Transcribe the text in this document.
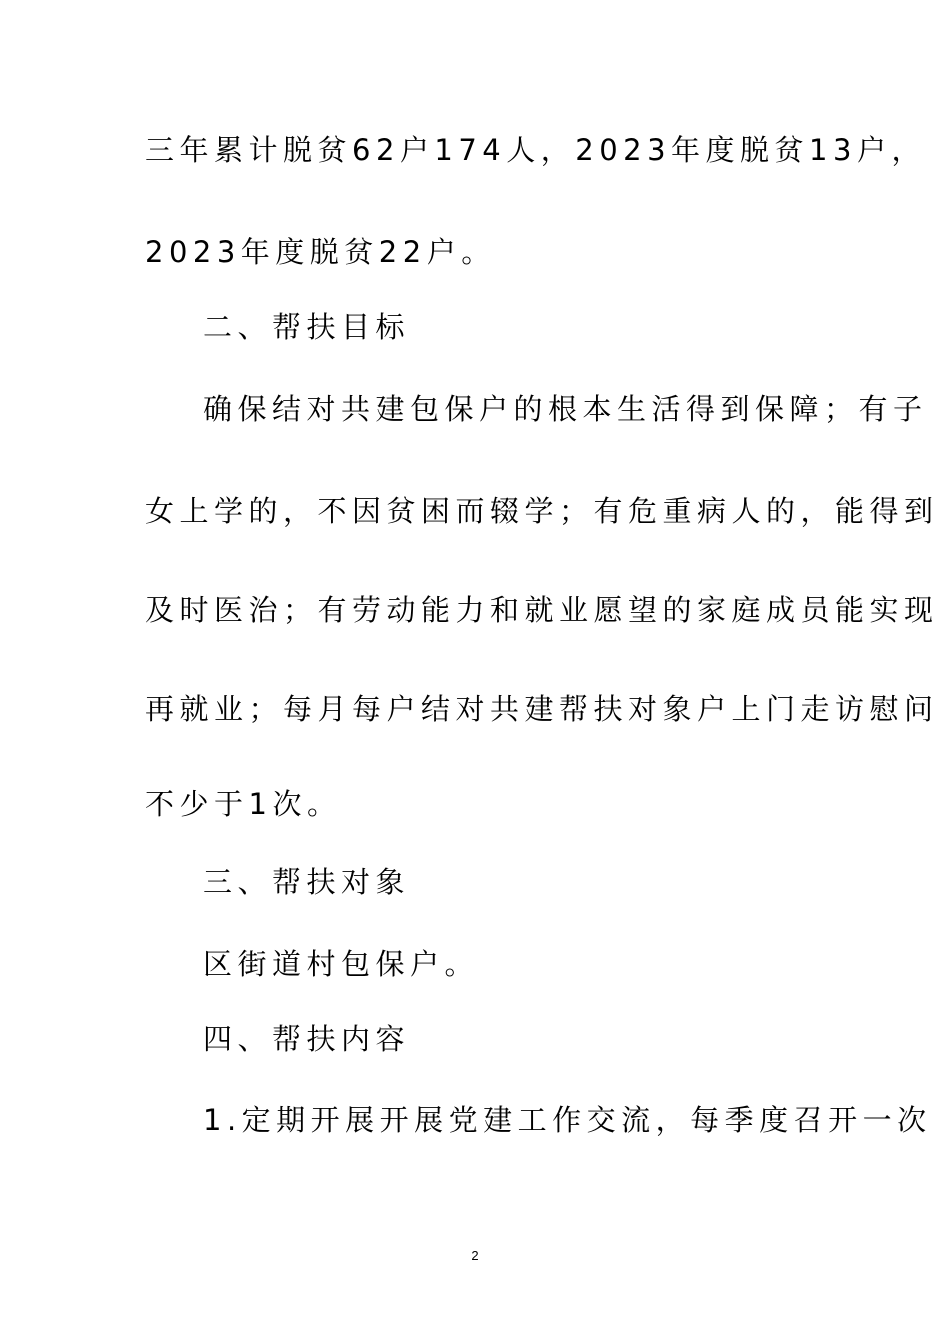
三年累计脱贫62户174人，2023年度脱贫13户，
2023年度脱贫22户。
二、帮扶目标
确保结对共建包保户的根本生活得到保障；有子
女上学的，不因贫困而辍学；有危重病人的，能得到
及时医治；有劳动能力和就业愿望的家庭成员能实现
再就业；每月每户结对共建帮扶对象户上门走访慰问
不少于1次。
三、帮扶对象
区街道村包保户。
四、帮扶内容
1.定期开展开展党建工作交流，每季度召开一次
2
